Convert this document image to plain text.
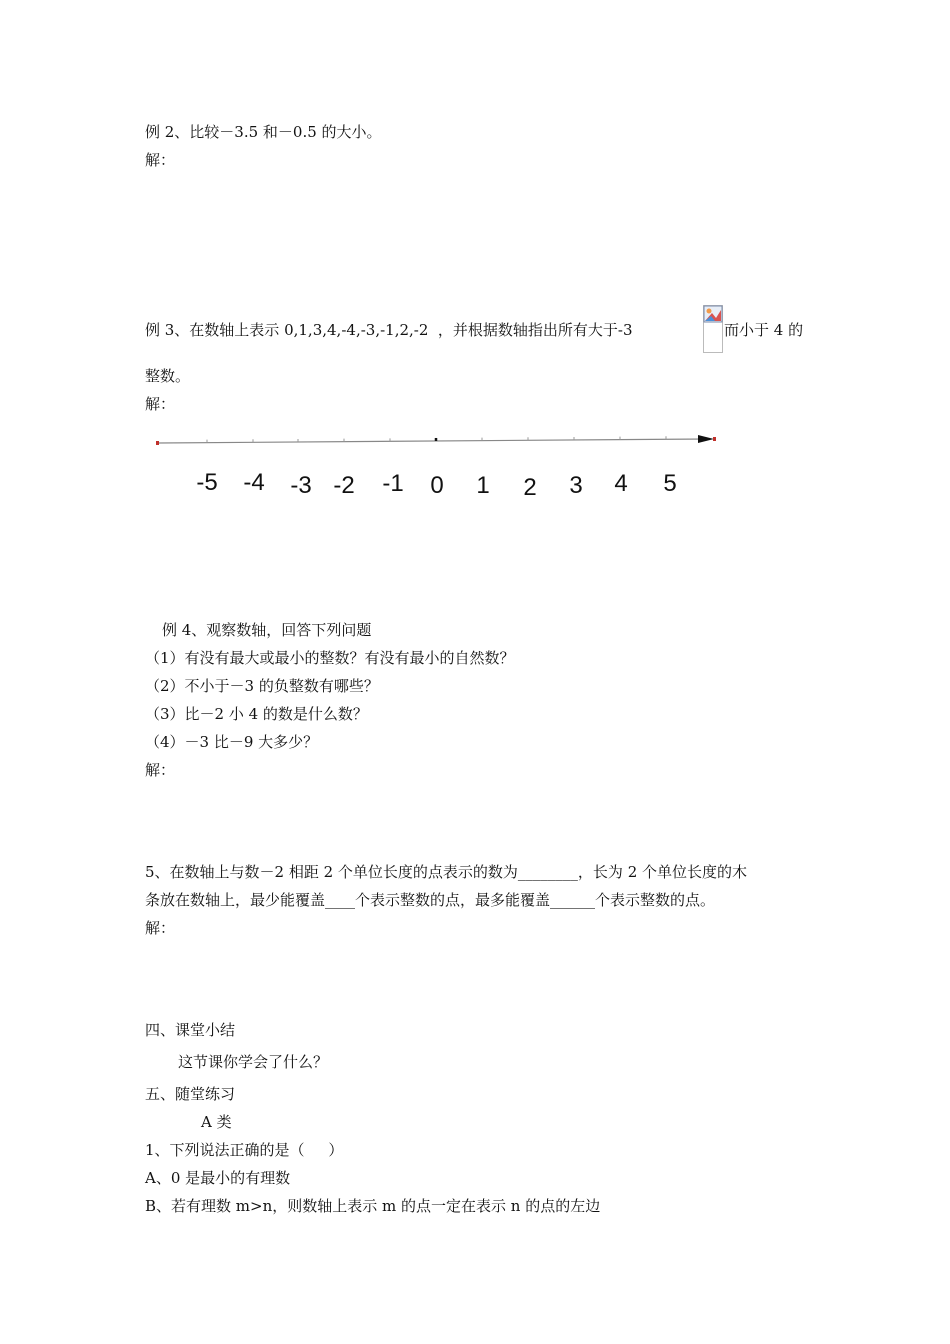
例 2、比较－3.5 和－0.5 的大小。
解：
例 3、在数轴上表示 0,1,3,4,-4,-3,-1,2,-2  ，并根据数轴指出所有大于-3	而小于 4 的
整数。
解：
-5 -4 -3 -2 -1 0 1 2 3 4 5
例 4、观察数轴，回答下列问题
（1）有没有最大或最小的整数？有没有最小的自然数？
（2）不小于－3 的负整数有哪些？
（3）比－2 小 4 的数是什么数？
（4）－3 比－9 大多少？
解：
5、在数轴上与数－2 相距 2 个单位长度的点表示的数为________，长为 2 个单位长度的木
条放在数轴上，最少能覆盖____个表示整数的点，最多能覆盖______个表示整数的点。
解：
四、课堂小结
这节课你学会了什么？
五、随堂练习
A 类
1、下列说法正确的是（     ）
A、0 是最小的有理数
B、若有理数 m>n，则数轴上表示 m 的点一定在表示 n 的点的左边
